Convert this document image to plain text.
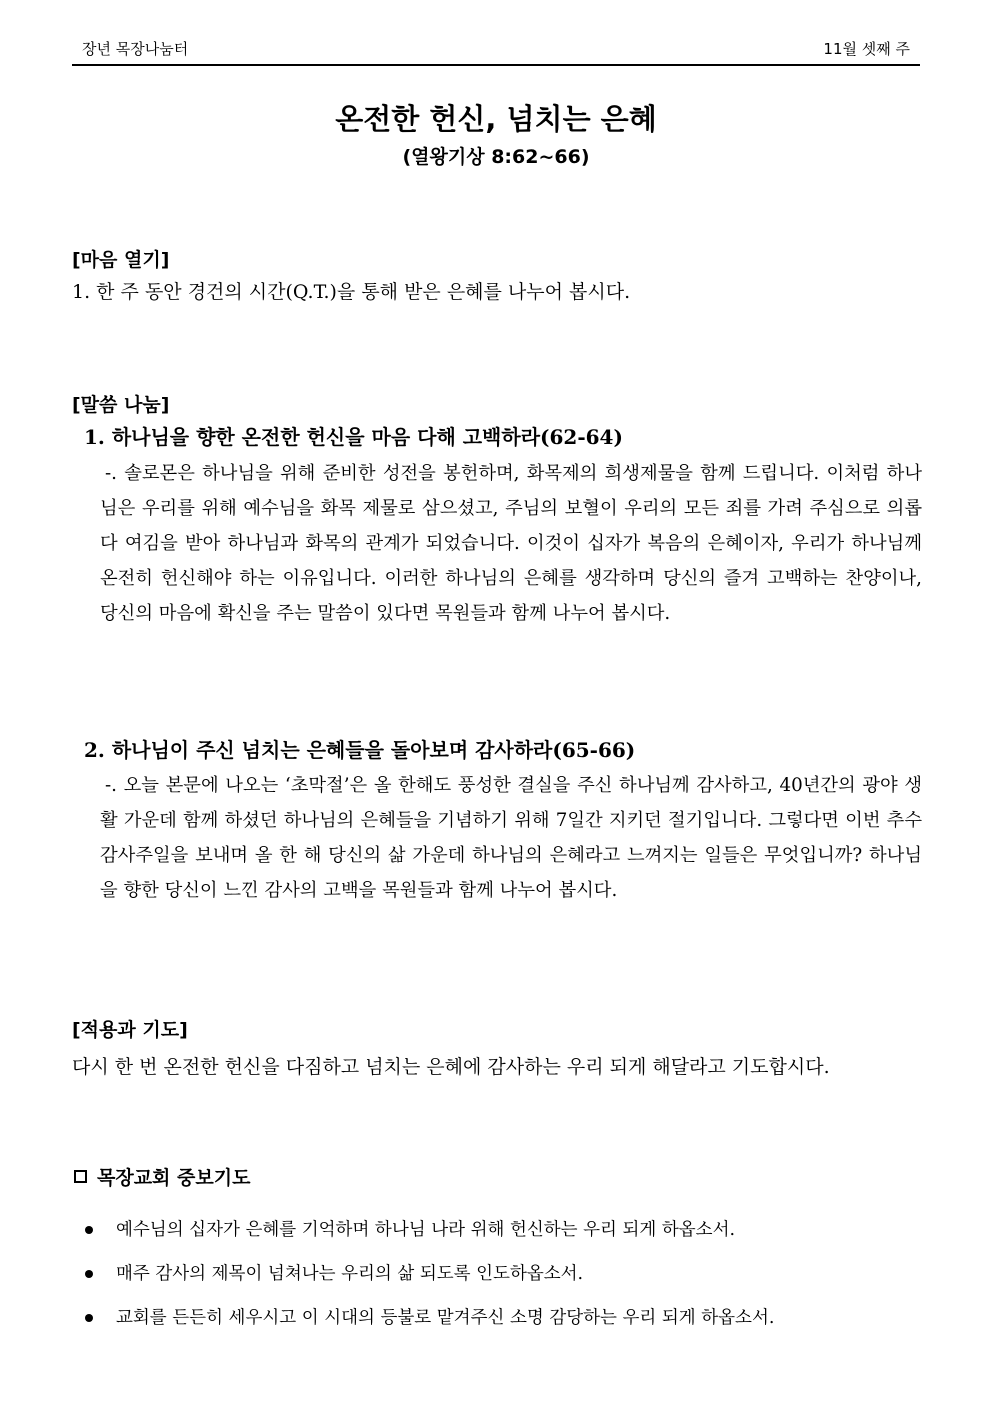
장년 목장나눔터	11월 셋째 주
온전한 헌신, 넘치는 은혜
(열왕기상 8:62~66)
[마음 열기]
1. 한 주 동안 경건의 시간(Q.T.)을 통해 받은 은혜를 나누어 봅시다.
[말씀 나눔]
1. 하나님을 향한 온전한 헌신을 마음 다해 고백하라(62-64)
-. 솔로몬은 하나님을 위해 준비한 성전을 봉헌하며, 화목제의 희생제물을 함께 드립니다. 이처럼 하나님은 우리를 위해 예수님을 화목 제물로 삼으셨고, 주님의 보혈이 우리의 모든 죄를 가려 주심으로 의롭다 여김을 받아 하나님과 화목의 관계가 되었습니다. 이것이 십자가 복음의 은혜이자, 우리가 하나님께 온전히 헌신해야 하는 이유입니다. 이러한 하나님의 은혜를 생각하며 당신의 즐겨 고백하는 찬양이나, 당신의 마음에 확신을 주는 말씀이 있다면 목원들과 함께 나누어 봅시다.
2. 하나님이 주신 넘치는 은혜들을 돌아보며 감사하라(65-66)
-. 오늘 본문에 나오는 ‘초막절’은 올 한해도 풍성한 결실을 주신 하나님께 감사하고, 40년간의 광야 생활 가운데 함께 하셨던 하나님의 은혜들을 기념하기 위해 7일간 지키던 절기입니다. 그렇다면 이번 추수감사주일을 보내며 올 한 해 당신의 삶 가운데 하나님의 은혜라고 느껴지는 일들은 무엇입니까? 하나님을 향한 당신이 느낀 감사의 고백을 목원들과 함께 나누어 봅시다.
[적용과 기도]
다시 한 번 온전한 헌신을 다짐하고 넘치는 은혜에 감사하는 우리 되게 해달라고 기도합시다.
목장교회 중보기도
예수님의 십자가 은혜를 기억하며 하나님 나라 위해 헌신하는 우리 되게 하옵소서.
매주 감사의 제목이 넘쳐나는 우리의 삶 되도록 인도하옵소서.
교회를 든든히 세우시고 이 시대의 등불로 맡겨주신 소명 감당하는 우리 되게 하옵소서.
